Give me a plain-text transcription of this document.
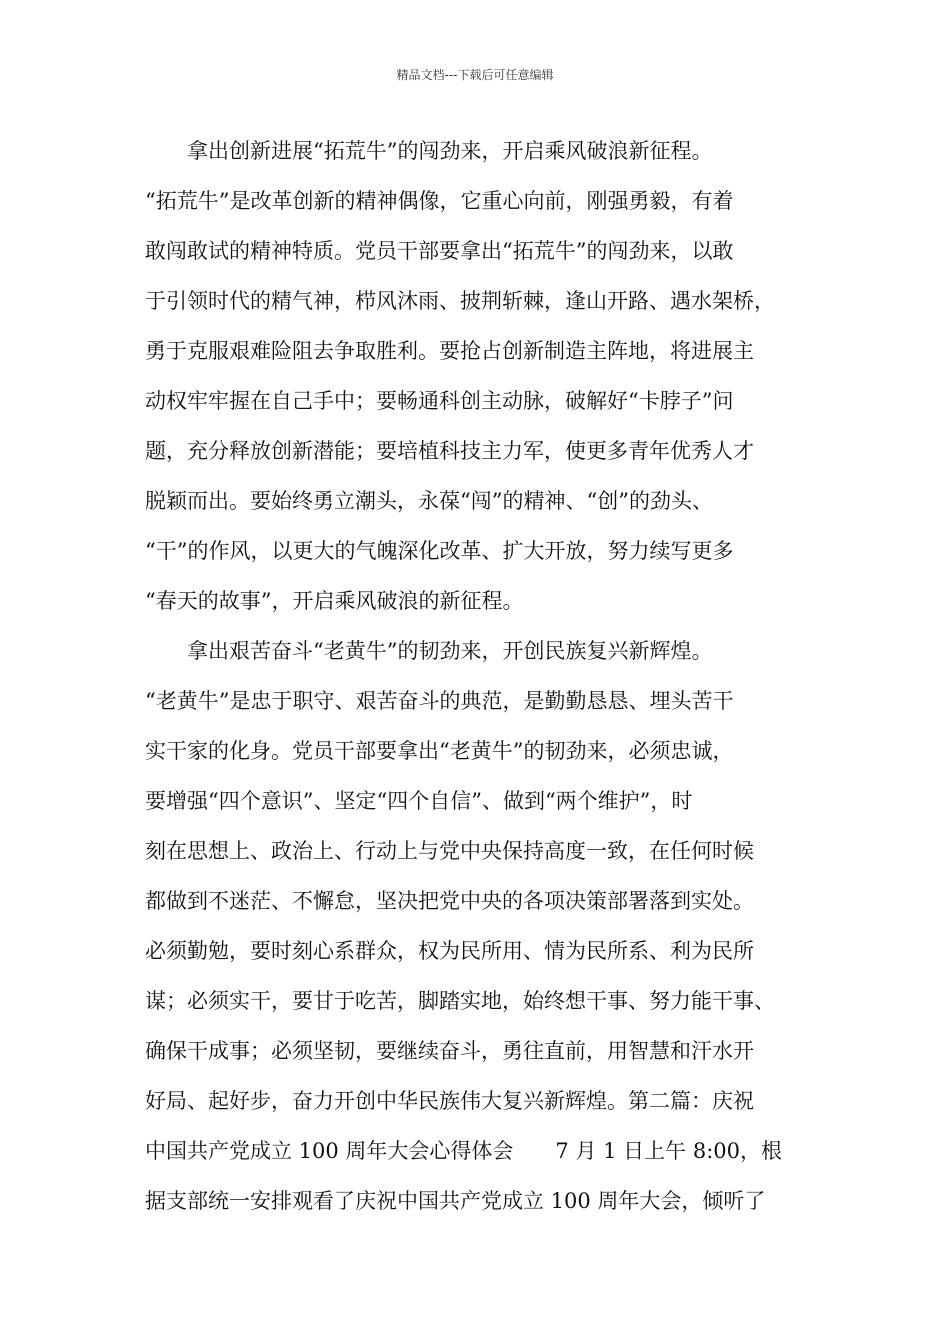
精品文档---下载后可任意编辑
　　拿出创新进展“拓荒牛”的闯劲来，开启乘风破浪新征程。
“拓荒牛”是改革创新的精神偶像，它重心向前，刚强勇毅，有着
敢闯敢试的精神特质。党员干部要拿出“拓荒牛”的闯劲来，以敢
于引领时代的精气神，栉风沐雨、披荆斩棘，逢山开路、遇水架桥，
勇于克服艰难险阻去争取胜利。要抢占创新制造主阵地，将进展主
动权牢牢握在自己手中；要畅通科创主动脉，破解好“卡脖子”问
题，充分释放创新潜能；要培植科技主力军，使更多青年优秀人才
脱颖而出。要始终勇立潮头，永葆“闯”的精神、“创”的劲头、
“干”的作风，以更大的气魄深化改革、扩大开放，努力续写更多
“春天的故事”，开启乘风破浪的新征程。
　　拿出艰苦奋斗“老黄牛”的韧劲来，开创民族复兴新辉煌。
“老黄牛”是忠于职守、艰苦奋斗的典范，是勤勤恳恳、埋头苦干
实干家的化身。党员干部要拿出“老黄牛”的韧劲来，必须忠诚，
要增强“四个意识”、坚定“四个自信”、做到“两个维护”，时
刻在思想上、政治上、行动上与党中央保持高度一致，在任何时候
都做到不迷茫、不懈怠，坚决把党中央的各项决策部署落到实处。
必须勤勉，要时刻心系群众，权为民所用、情为民所系、利为民所
谋；必须实干，要甘于吃苦，脚踏实地，始终想干事、努力能干事、
确保干成事；必须坚韧，要继续奋斗，勇往直前，用智慧和汗水开
好局、起好步，奋力开创中华民族伟大复兴新辉煌。第二篇：庆祝
中国共产党成立 100 周年大会心得体会　　7 月 1 日上午 8:00，根
据支部统一安排观看了庆祝中国共产党成立 100 周年大会，倾听了
